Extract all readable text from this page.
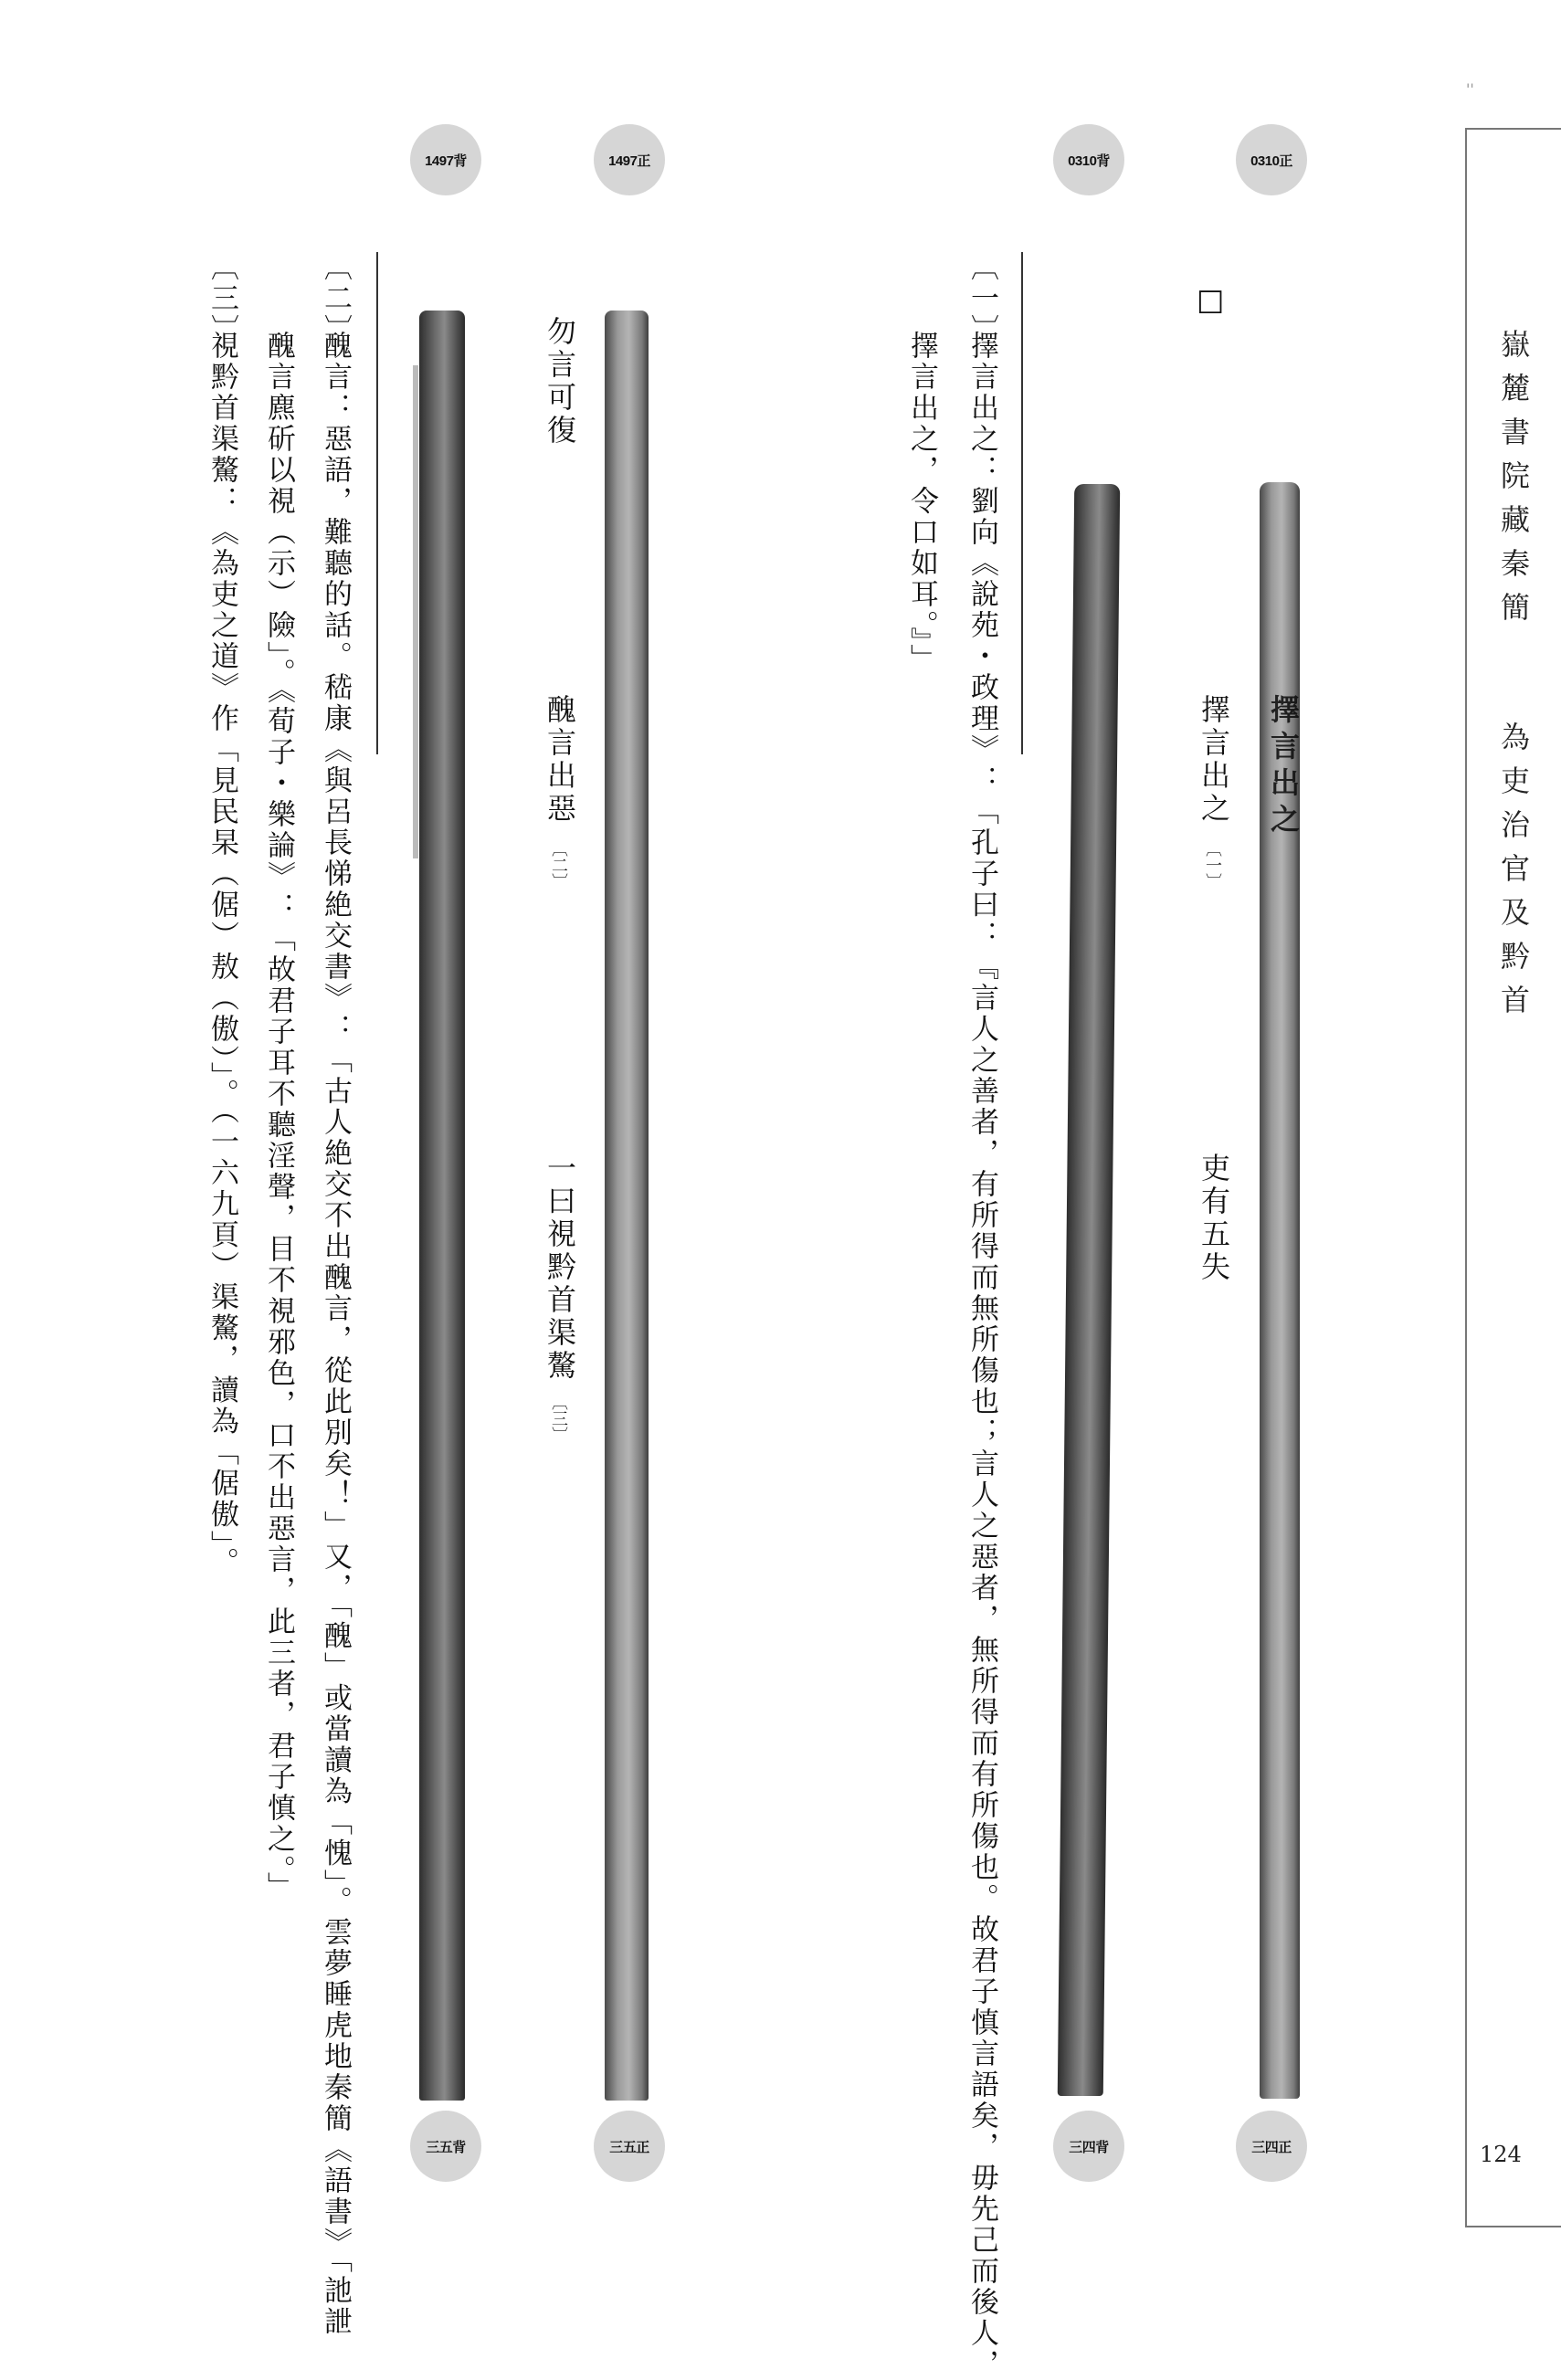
''
嶽麓書院藏秦簡
為吏治官及黔首
124
0310正
0310背
1497正
1497背
三四正
三四背
三五正
三五背
擇言出之
☐
擇言出之
〔一〕
吏有五失
勿言可復
醜言出惡
〔二〕
一曰視黔首渠驁
〔三〕
〔一〕
擇言出之：劉向《說苑・政理》：「孔子曰：『言人之善者，有所得而無所傷也；言人之惡者，無所得而有所傷也。故君子慎言語矣，毋先己而後人，
擇言出之，令口如耳。』」
〔二〕
醜言：惡語，難聽的話。嵇康《與呂長悌絶交書》：「古人絶交不出醜言，從此別矣！」又，「醜」或當讀為「愧」。雲夢睡虎地秦簡《語書》「訑詍
醜言麃斫以視（示）險」。《荀子・樂論》：「故君子耳不聽淫聲，目不視邪色，口不出惡言，此三者，君子慎之。」
〔三〕
視黔首渠驁：《為吏之道》作「見民杲（倨）敖（傲）」。（一六九頁）渠驁，讀為「倨傲」。
